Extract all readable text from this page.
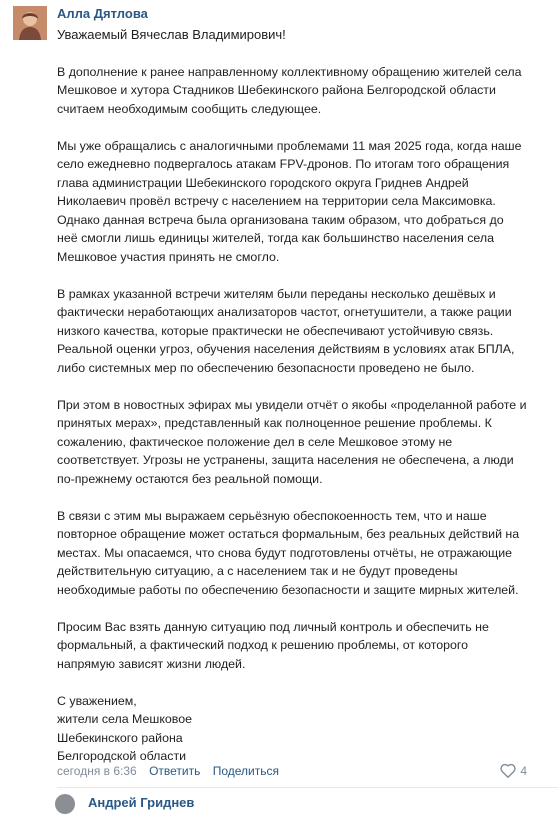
Алла Дятлова

Уважаемый Вячеслав Владимирович!

В дополнение к ранее направленному коллективному обращению жителей села Мешковое и хутора Стадников Шебекинского района Белгородской области считаем необходимым сообщить следующее.

Мы уже обращались с аналогичными проблемами 11 мая 2025 года, когда наше село ежедневно подвергалось атакам FPV-дронов. По итогам того обращения глава администрации Шебекинского городского округа Гриднев Андрей Николаевич провёл встречу с населением на территории села Максимовка. Однако данная встреча была организована таким образом, что добраться до неё смогли лишь единицы жителей, тогда как большинство населения села Мешковое участия принять не смогло.

В рамках указанной встречи жителям были переданы несколько дешёвых и фактически неработающих анализаторов частот, огнетушители, а также рации низкого качества, которые практически не обеспечивают устойчивую связь. Реальной оценки угроз, обучения населения действиям в условиях атак БПЛА, либо системных мер по обеспечению безопасности проведено не было.

При этом в новостных эфирах мы увидели отчёт о якобы «проделанной работе и принятых мерах», представленный как полноценное решение проблемы. К сожалению, фактическое положение дел в селе Мешковое этому не соответствует. Угрозы не устранены, защита населения не обеспечена, а люди по-прежнему остаются без реальной помощи.

В связи с этим мы выражаем серьёзную обеспокоенность тем, что и наше повторное обращение может остаться формальным, без реальных действий на местах. Мы опасаемся, что снова будут подготовлены отчёты, не отражающие действительную ситуацию, а с населением так и не будут проведены необходимые работы по обеспечению безопасности и защите мирных жителей.

Просим Вас взять данную ситуацию под личный контроль и обеспечить не формальный, а фактический подход к решению проблемы, от которого напрямую зависят жизни людей.

С уважением,

жители села Мешковое

Шебекинского района

Белгородской области

сегодня в 6:36 Ответить Поделиться	4
Андрей Гриднев
